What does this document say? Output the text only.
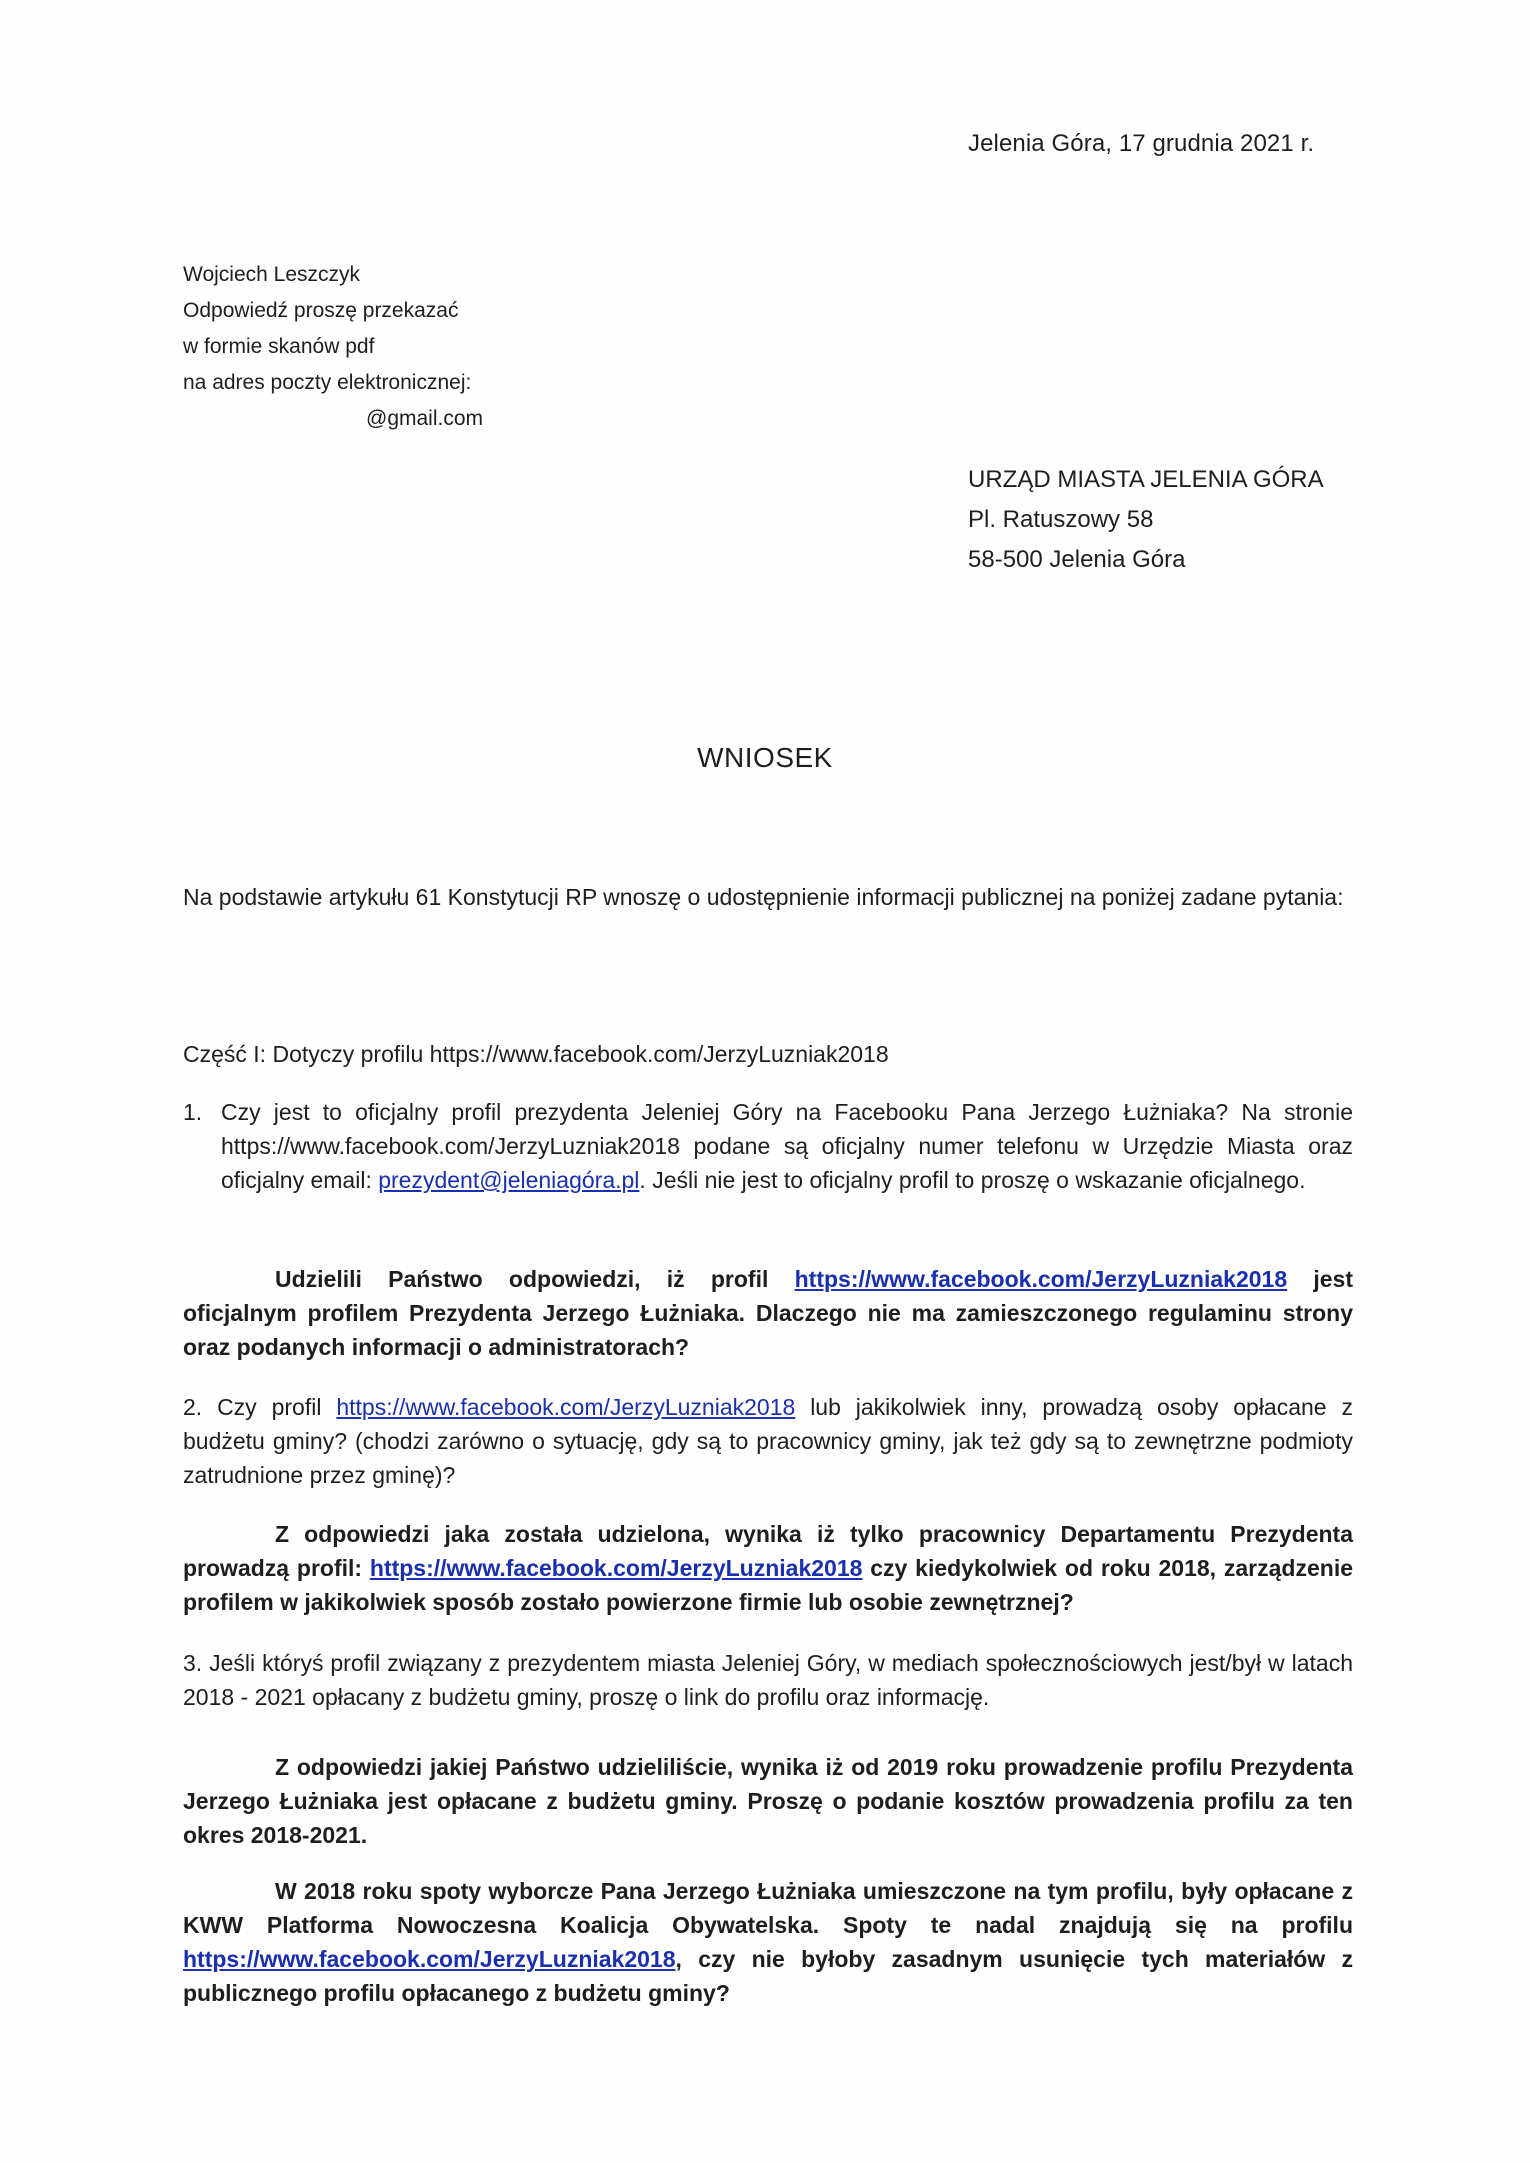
Jelenia Góra, 17 grudnia 2021 r.
Wojciech Leszczyk
Odpowiedź proszę przekazać
w formie skanów pdf
na adres poczty elektronicznej:
@gmail.com
URZĄD MIASTA JELENIA GÓRA
Pl. Ratuszowy 58
58-500 Jelenia Góra
WNIOSEK

Na podstawie artykułu 61 Konstytucji RP wnoszę o udostępnienie informacji publicznej na poniżej zadane pytania:

Część I: Dotyczy profilu https://www.facebook.com/JerzyLuzniak2018

1. Czy jest to oficjalny profil prezydenta Jeleniej Góry na Facebooku Pana Jerzego Łużniaka? Na stronie https://www.facebook.com/JerzyLuzniak2018 podane są oficjalny numer telefonu w Urzędzie Miasta oraz oficjalny email: prezydent@jeleniagóra.pl. Jeśli nie jest to oficjalny profil to proszę o wskazanie oficjalnego.

Udzielili Państwo odpowiedzi, iż profil https://www.facebook.com/JerzyLuzniak2018 jest oficjalnym profilem Prezydenta Jerzego Łużniaka. Dlaczego nie ma zamieszczonego regulaminu strony oraz podanych informacji o administratorach?

2. Czy profil https://www.facebook.com/JerzyLuzniak2018 lub jakikolwiek inny, prowadzą osoby opłacane z budżetu gminy? (chodzi zarówno o sytuację, gdy są to pracownicy gminy, jak też gdy są to zewnętrzne podmioty zatrudnione przez gminę)?

Z odpowiedzi jaka została udzielona, wynika iż tylko pracownicy Departamentu Prezydenta prowadzą profil: https://www.facebook.com/JerzyLuzniak2018 czy kiedykolwiek od roku 2018, zarządzenie profilem w jakikolwiek sposób zostało powierzone firmie lub osobie zewnętrznej?

3. Jeśli któryś profil związany z prezydentem miasta Jeleniej Góry, w mediach społecznościowych jest/był w latach 2018 - 2021 opłacany z budżetu gminy, proszę o link do profilu oraz informację.

Z odpowiedzi jakiej Państwo udzieliliście, wynika iż od 2019 roku prowadzenie profilu Prezydenta Jerzego Łużniaka jest opłacane z budżetu gminy. Proszę o podanie kosztów prowadzenia profilu za ten okres 2018-2021.

W 2018 roku spoty wyborcze Pana Jerzego Łużniaka umieszczone na tym profilu, były opłacane z KWW Platforma Nowoczesna Koalicja Obywatelska. Spoty te nadal znajdują się na profilu https://www.facebook.com/JerzyLuzniak2018, czy nie byłoby zasadnym usunięcie tych materiałów z publicznego profilu opłacanego z budżetu gminy?
